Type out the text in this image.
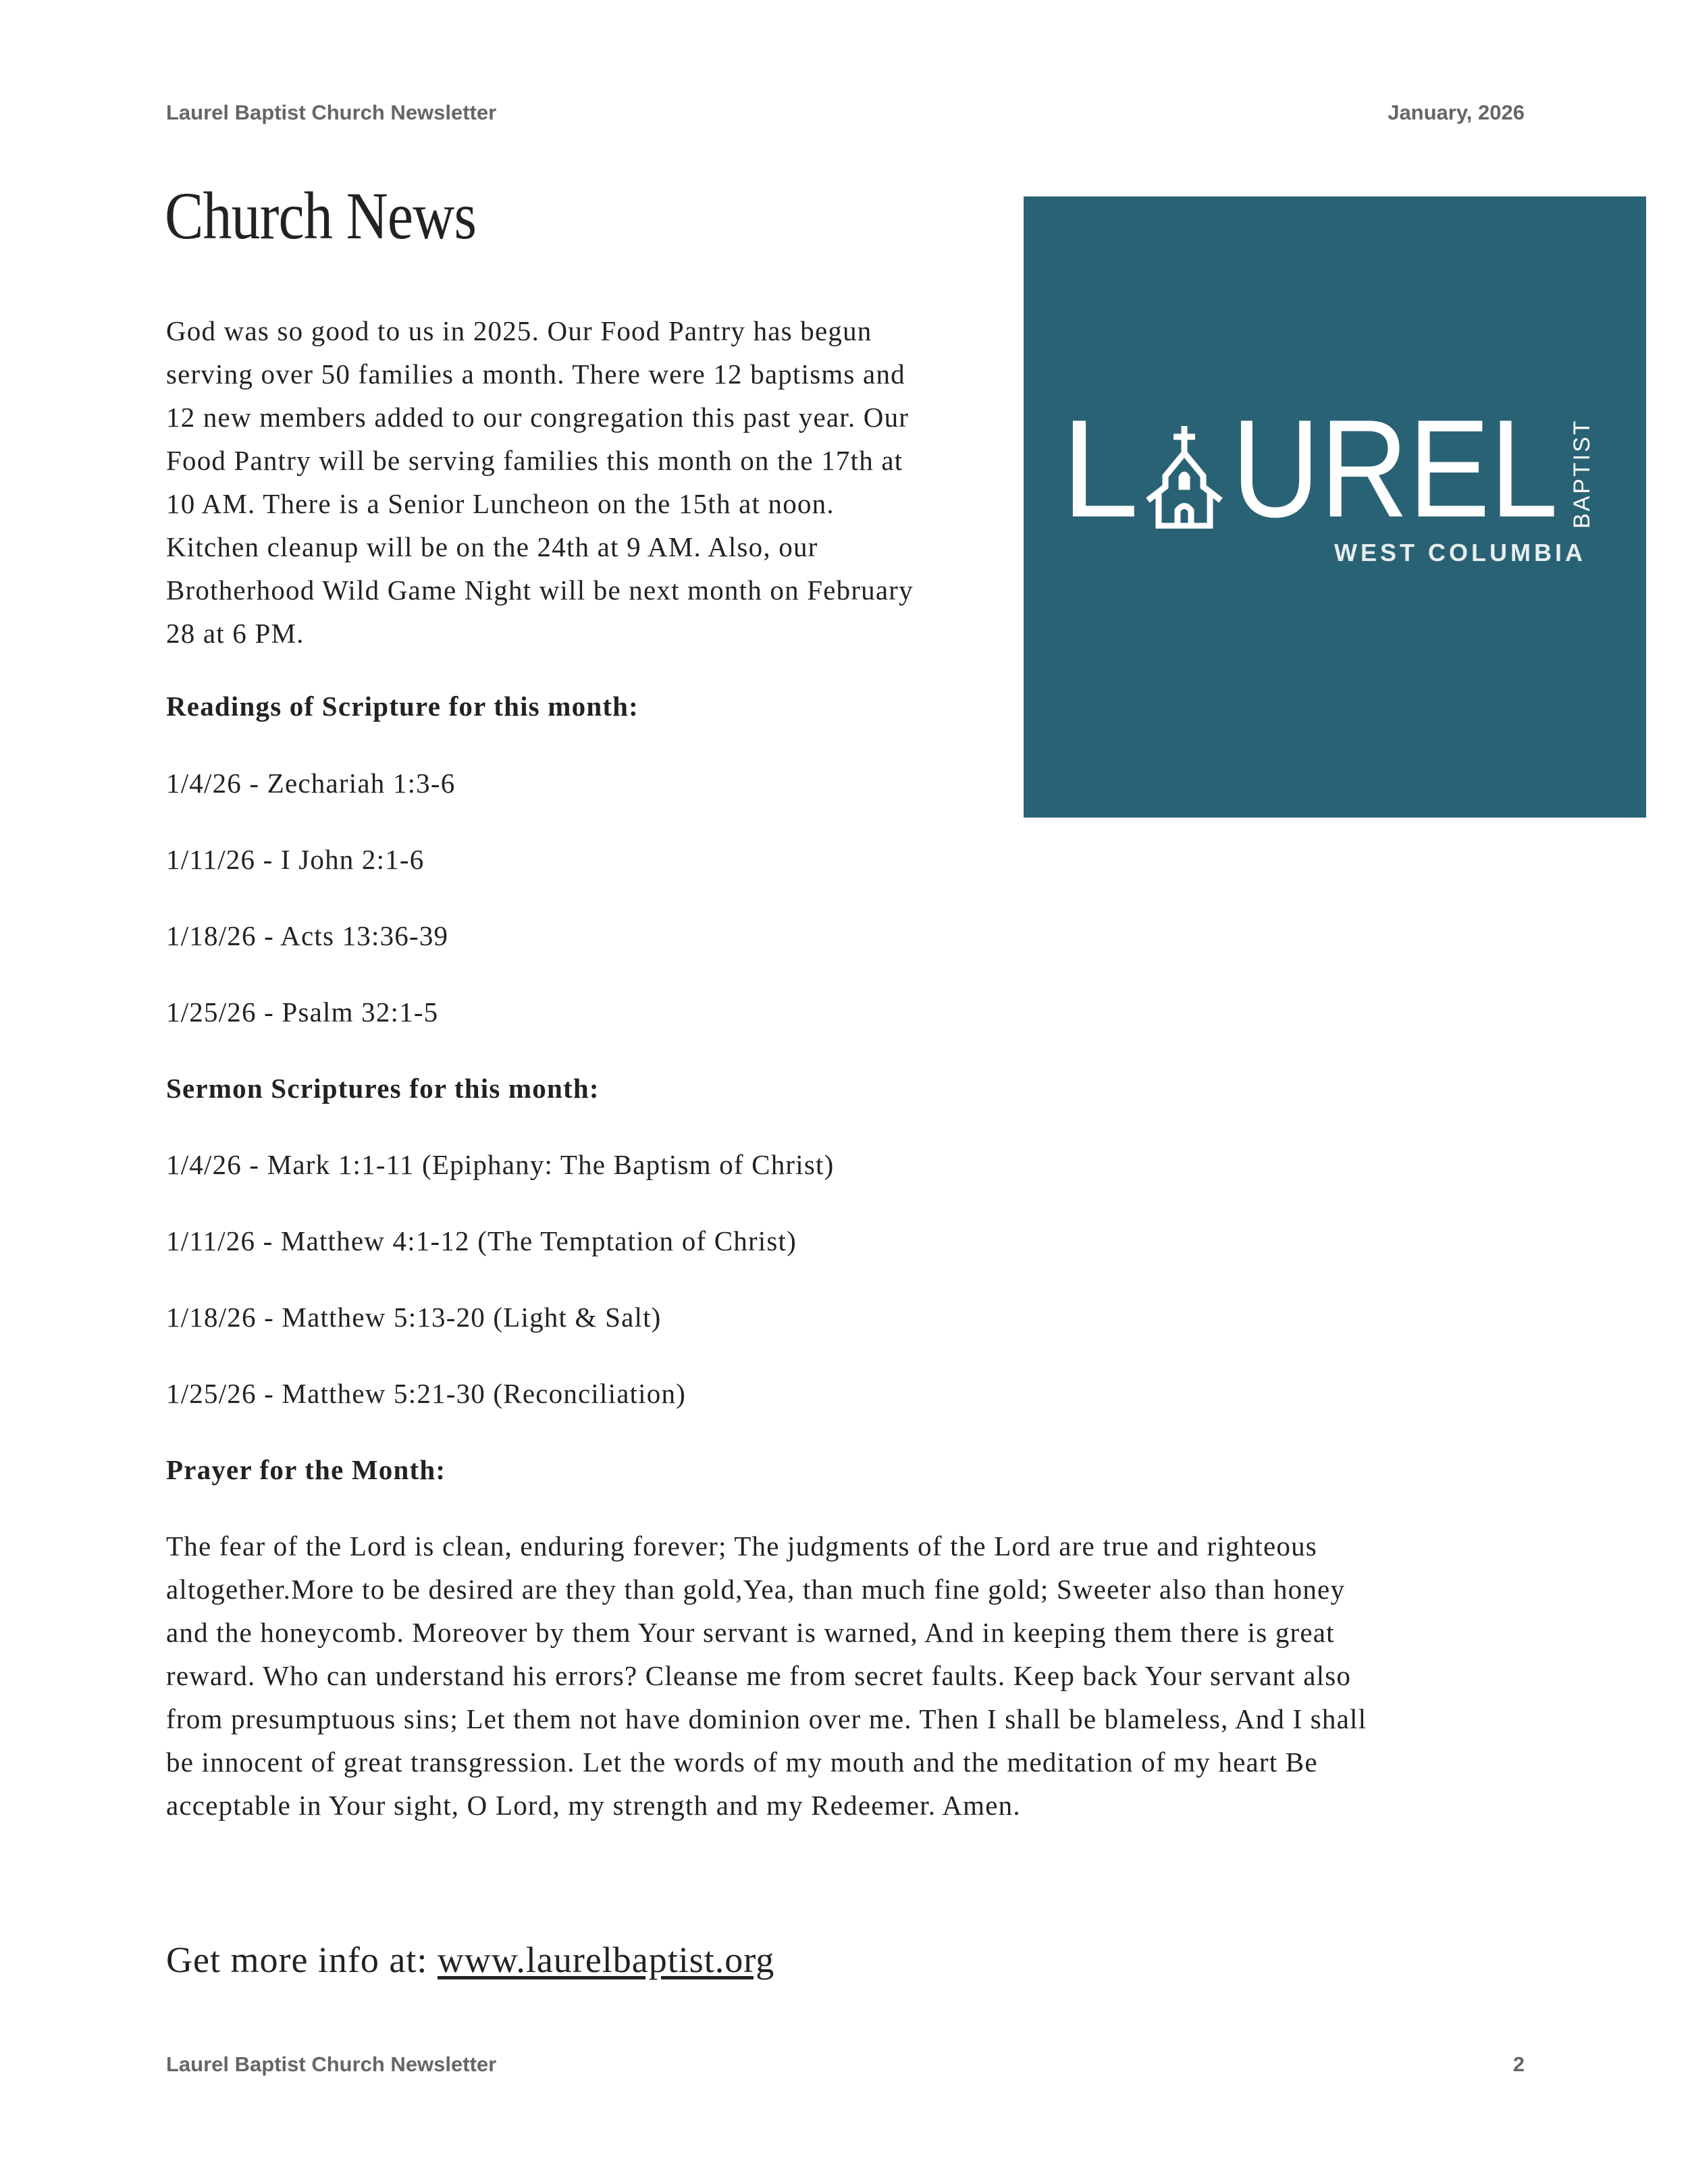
Laurel Baptist Church Newsletter	January, 2026
Church News
God was so good to us in 2025. Our Food Pantry has begun
serving over 50 families a month. There were 12 baptisms and
12 new members added to our congregation this past year. Our
Food Pantry will be serving families this month on the 17th at
10 AM. There is a Senior Luncheon on the 15th at noon.
Kitchen cleanup will be on the 24th at 9 AM. Also, our
Brotherhood Wild Game Night will be next month on February
28 at 6 PM.
Readings of Scripture for this month:
1/4/26 - Zechariah 1:3-6
1/11/26 - I John 2:1-6
1/18/26 - Acts 13:36-39
1/25/26 - Psalm 32:1-5
Sermon Scriptures for this month:
1/4/26 - Mark 1:1-11 (Epiphany: The Baptism of Christ)
1/11/26 - Matthew 4:1-12 (The Temptation of Christ)
1/18/26 - Matthew 5:13-20 (Light & Salt)
1/25/26 - Matthew 5:21-30 (Reconciliation)
Prayer for the Month:
The fear of the Lord is clean, enduring forever; The judgments of the Lord are true and righteous
altogether.More to be desired are they than gold,Yea, than much fine gold; Sweeter also than honey
and the honeycomb. Moreover by them Your servant is warned, And in keeping them there is great
reward. Who can understand his errors? Cleanse me from secret faults. Keep back Your servant also
from presumptuous sins; Let them not have dominion over me. Then I shall be blameless, And I shall
be innocent of great transgression. Let the words of my mouth and the meditation of my heart Be
acceptable in Your sight, O Lord, my strength and my Redeemer. Amen.
Get more info at: www.laurelbaptist.org
Laurel Baptist Church Newsletter	2
L UREL BAPTIST
WEST COLUMBIA
